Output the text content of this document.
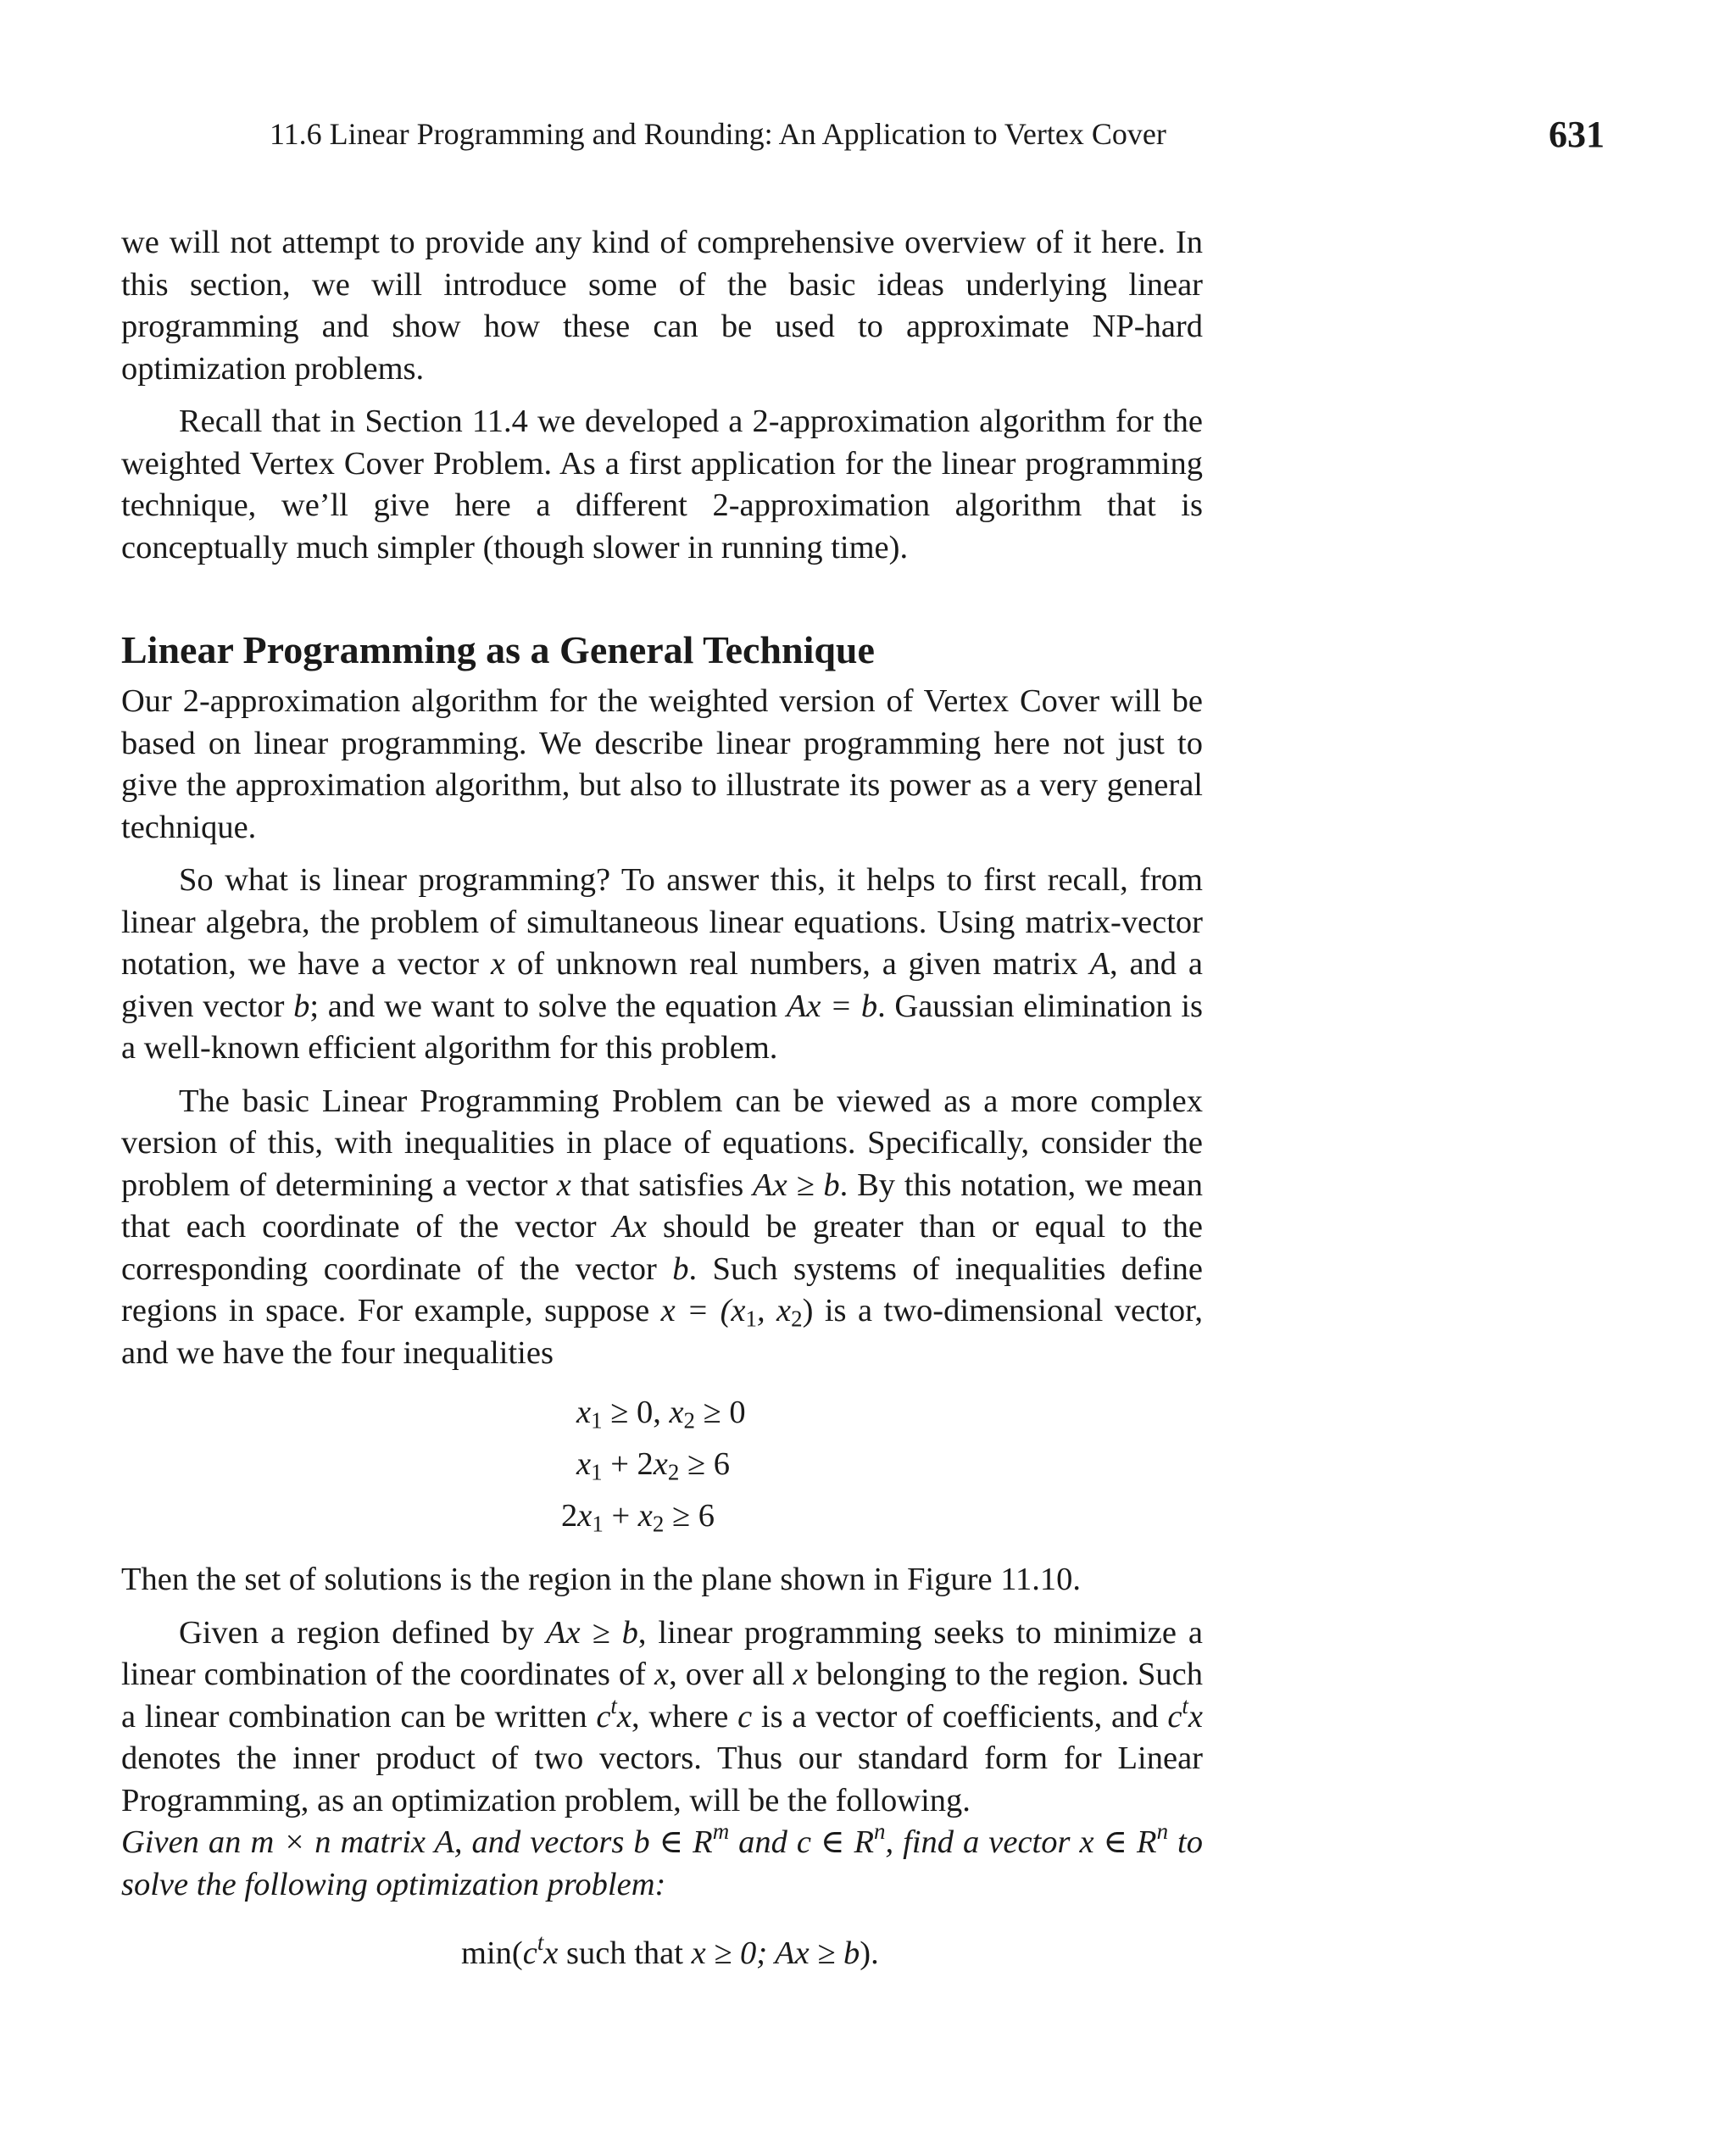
11.6 Linear Programming and Rounding: An Application to Vertex Cover	631

we will not attempt to provide any kind of comprehensive overview of it here. In this section, we will introduce some of the basic ideas underlying linear programming and show how these can be used to approximate NP-hard optimization problems.

Recall that in Section 11.4 we developed a 2-approximation algorithm for the weighted Vertex Cover Problem. As a first application for the linear programming technique, we’ll give here a different 2-approximation algorithm that is conceptually much simpler (though slower in running time).

Linear Programming as a General Technique

Our 2-approximation algorithm for the weighted version of Vertex Cover will be based on linear programming. We describe linear programming here not just to give the approximation algorithm, but also to illustrate its power as a very general technique.

So what is linear programming? To answer this, it helps to first recall, from linear algebra, the problem of simultaneous linear equations. Using matrix-vector notation, we have a vector x of unknown real numbers, a given matrix A, and a given vector b; and we want to solve the equation Ax = b. Gaussian elimination is a well-known efficient algorithm for this problem.

The basic Linear Programming Problem can be viewed as a more complex version of this, with inequalities in place of equations. Specifically, consider the problem of determining a vector x that satisfies Ax ≥ b. By this notation, we mean that each coordinate of the vector Ax should be greater than or equal to the corresponding coordinate of the vector b. Such systems of inequalities define regions in space. For example, suppose $x = (x_1$, $x_2$) is a two-dimensional vector, and we have the four inequalities

$x_1 \ge 0$, $x_2 \ge 0$
$x_1 + 2x_2 \ge 6$
$2x_1 + x_2 \ge 6$

Then the set of solutions is the region in the plane shown in Figure 11.10.

Given a region defined by Ax ≥ b, linear programming seeks to minimize a linear combination of the coordinates of x, over all x belonging to the region. Such a linear combination can be written $c^tx$, where c is a vector of coefficients, and $c^tx$ denotes the inner product of two vectors. Thus our standard form for Linear Programming, as an optimization problem, will be the following.

Given an m × n matrix A, and vectors b ∈ $R^m$ and c ∈ $R^n$, find a vector x ∈ $R^n$ to solve the following optimization problem:

$\min(c^tx$ such that x ≥ 0; Ax ≥ b).
